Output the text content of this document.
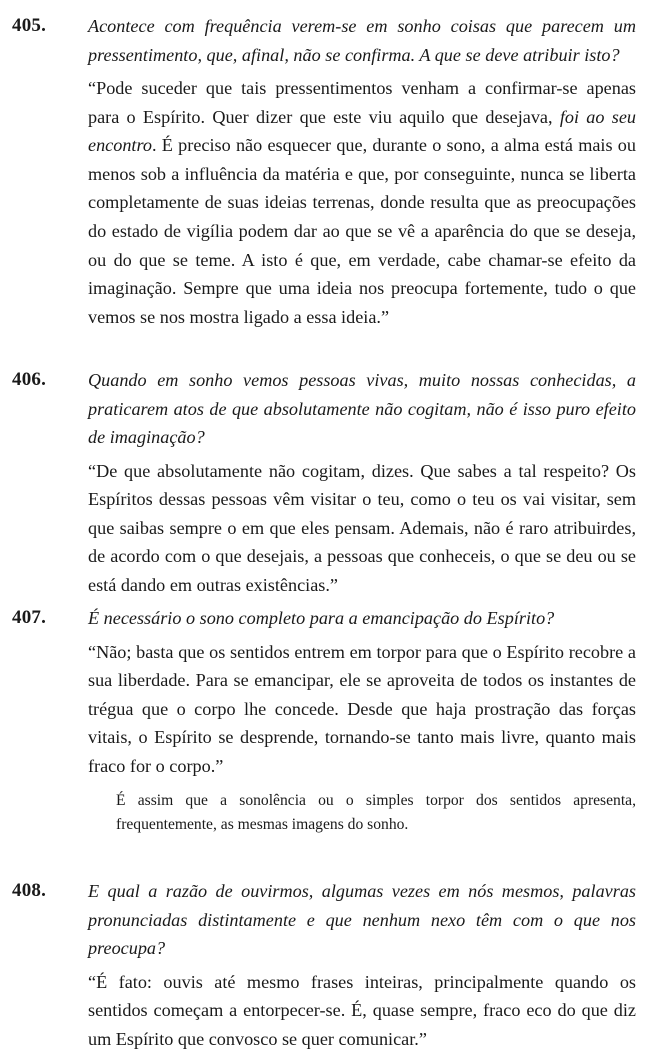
405. Acontece com frequência verem-se em sonho coisas que parecem um pressentimento, que, afinal, não se confirma. A que se deve atribuir isto?

“Pode suceder que tais pressentimentos venham a confirmar-se apenas para o Espírito. Quer dizer que este viu aquilo que desejava, foi ao seu encontro. É preciso não esquecer que, durante o sono, a alma está mais ou menos sob a influência da matéria e que, por conseguinte, nunca se liberta completamente de suas ideias terrenas, donde resulta que as preocupações do estado de vigília podem dar ao que se vê a aparência do que se deseja, ou do que se teme. A isto é que, em verdade, cabe chamar-se efeito da imaginação. Sempre que uma ideia nos preocupa fortemente, tudo o que vemos se nos mostra ligado a essa ideia.”

406. Quando em sonho vemos pessoas vivas, muito nossas conhecidas, a praticarem atos de que absolutamente não cogitam, não é isso puro efeito de imaginação?

“De que absolutamente não cogitam, dizes. Que sabes a tal respeito? Os Espíritos dessas pessoas vêm visitar o teu, como o teu os vai visitar, sem que saibas sempre o em que eles pensam. Ademais, não é raro atribuirdes, de acordo com o que desejais, a pessoas que conheceis, o que se deu ou se está dando em outras existências.”

407. É necessário o sono completo para a emancipação do Espírito?

“Não; basta que os sentidos entrem em torpor para que o Espírito recobre a sua liberdade. Para se emancipar, ele se aproveita de todos os instantes de trégua que o corpo lhe concede. Desde que haja prostração das forças vitais, o Espírito se desprende, tornando-se tanto mais livre, quanto mais fraco for o corpo.”

É assim que a sonolência ou o simples torpor dos sentidos apresenta, frequentemente, as mesmas imagens do sonho.

408. E qual a razão de ouvirmos, algumas vezes em nós mesmos, palavras pronunciadas distintamente e que nenhum nexo têm com o que nos preocupa?

“É fato: ouvis até mesmo frases inteiras, principalmente quando os sentidos começam a entorpecer-se. É, quase sempre, fraco eco do que diz um Espírito que convosco se quer comunicar.”
